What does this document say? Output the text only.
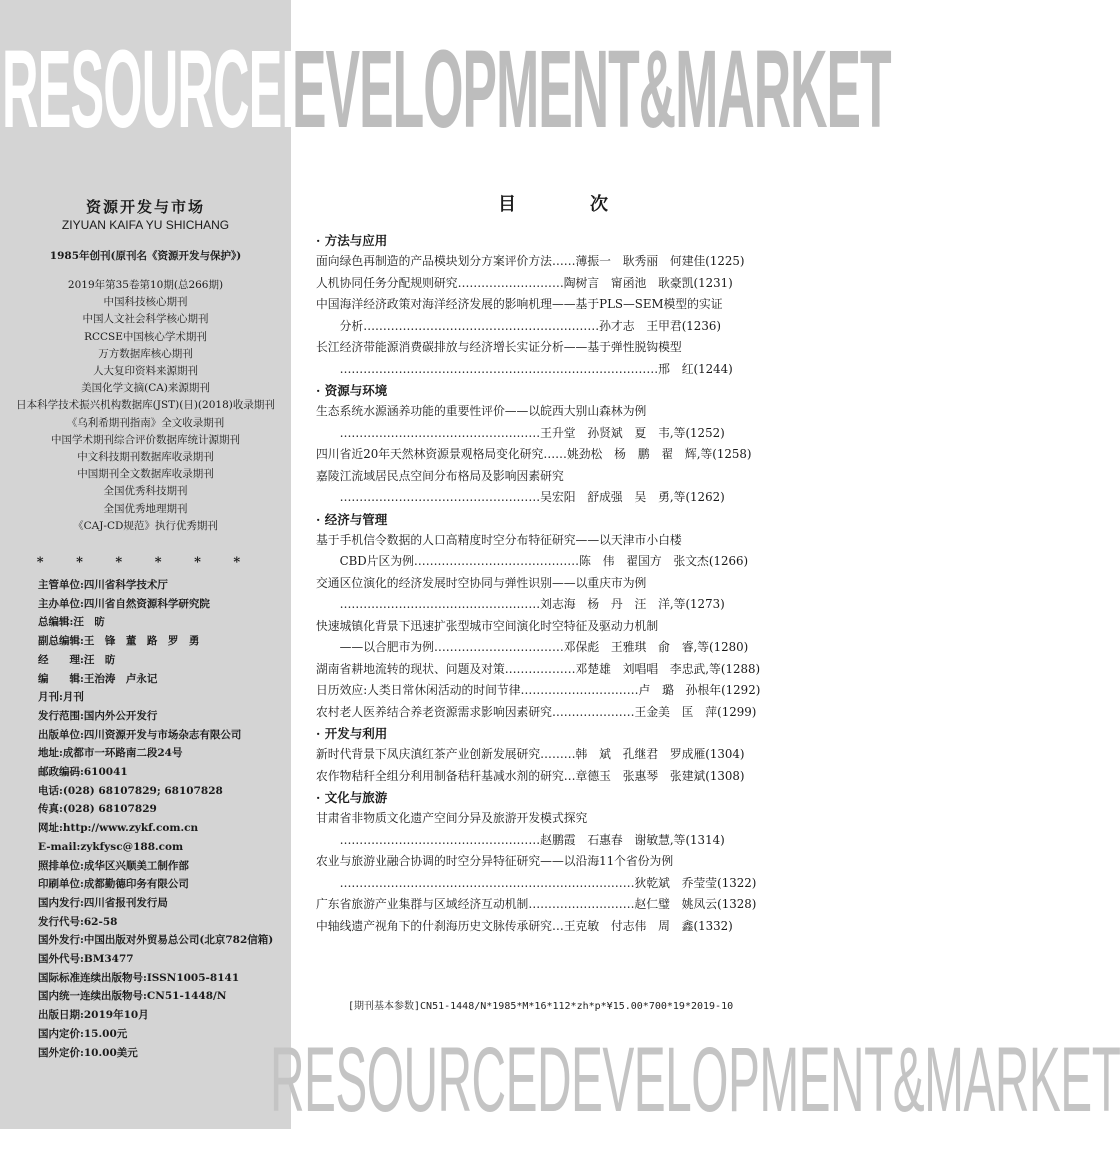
RESOURCED
EVELOPMENT&MARKET
RESOURCEDEVELOPMENT&MARKET
资源开发与市场
ZIYUAN KAIFA YU SHICHANG
1985年创刊(原刊名《资源开发与保护》)
2019年第35卷第10期(总266期)
中国科技核心期刊
中国人文社会科学核心期刊
RCCSE中国核心学术期刊
万方数据库核心期刊
人大复印资料来源期刊
美国化学文摘(CA)来源期刊
日本科学技术振兴机构数据库(JST)(日)(2018)收录期刊
《乌利希期刊指南》全文收录期刊
中国学术期刊综合评价数据库统计源期刊
中文科技期刊数据库收录期刊
中国期刊全文数据库收录期刊
全国优秀科技期刊
全国优秀地理期刊
《CAJ-CD规范》执行优秀期刊
* * * * * *
主管单位:四川省科学技术厅
主办单位:四川省自然资源科学研究院
总编辑:汪　昉
副总编辑:王　锋　董　路　罗　勇
经　　理:汪　昉
编　　辑:王治涛　卢永记
月刊:月刊
发行范围:国内外公开发行
出版单位:四川资源开发与市场杂志有限公司
地址:成都市一环路南二段24号
邮政编码:610041
电话:(028) 68107829; 68107828
传真:(028) 68107829
网址:http://www.zykf.com.cn
E-mail:zykfysc@188.com
照排单位:成华区兴顺美工制作部
印刷单位:成都勤德印务有限公司
国内发行:四川省报刊发行局
发行代号:62-58
国外发行:中国出版对外贸易总公司(北京782信箱)
国外代号:BM3477
国际标准连续出版物号:ISSN1005-8141
国内统一连续出版物号:CN51-1448/N
出版日期:2019年10月
国内定价:15.00元
国外定价:10.00美元
目　次
· 方法与应用
面向绿色再制造的产品模块划分方案评价方法……薄振一　耿秀丽　何建佳(1225)
人机协同任务分配规则研究………………………陶树言　甯函池　耿豪凯(1231)
中国海洋经济政策对海洋经济发展的影响机理——基于PLS—SEM模型的实证
　　分析……………………………………………………孙才志　王甲君(1236)
长江经济带能源消费碳排放与经济增长实证分析——基于弹性脱钩模型
　　………………………………………………………………………邢　红(1244)
· 资源与环境
生态系统水源涵养功能的重要性评价——以皖西大别山森林为例
　　……………………………………………王升堂　孙贤斌　夏　韦,等(1252)
四川省近20年天然林资源景观格局变化研究……姚劲松　杨　鹏　翟　辉,等(1258)
嘉陵江流域居民点空间分布格局及影响因素研究
　　……………………………………………吴宏阳　舒成强　吴　勇,等(1262)
· 经济与管理
基于手机信令数据的人口高精度时空分布特征研究——以天津市小白楼
　　CBD片区为例……………………………………陈　伟　翟国方　张文杰(1266)
交通区位演化的经济发展时空协同与弹性识别——以重庆市为例
　　……………………………………………刘志海　杨　丹　汪　洋,等(1273)
快速城镇化背景下迅速扩张型城市空间演化时空特征及驱动力机制
　　——以合肥市为例……………………………邓保彪　王雅琪　俞　睿,等(1280)
湖南省耕地流转的现状、问题及对策………………邓楚雄　刘唱唱　李忠武,等(1288)
日历效应:人类日常休闲活动的时间节律…………………………卢　璐　孙根年(1292)
农村老人医养结合养老资源需求影响因素研究…………………王金美　匡　萍(1299)
· 开发与利用
新时代背景下凤庆滇红茶产业创新发展研究………韩　斌　孔继君　罗成雁(1304)
农作物秸秆全组分利用制备秸秆基减水剂的研究…章德玉　张惠琴　张建斌(1308)
· 文化与旅游
甘肃省非物质文化遗产空间分异及旅游开发模式探究
　　……………………………………………赵鹏霞　石惠春　谢敏慧,等(1314)
农业与旅游业融合协调的时空分异特征研究——以沿海11个省份为例
　　…………………………………………………………………狄乾斌　乔莹莹(1322)
广东省旅游产业集群与区域经济互动机制………………………赵仁璧　姚凤云(1328)
中轴线遗产视角下的什刹海历史文脉传承研究…王克敏　付志伟　周　鑫(1332)
[期刊基本参数]CN51-1448/N*1985*M*16*112*zh*p*¥15.00*700*19*2019-10
